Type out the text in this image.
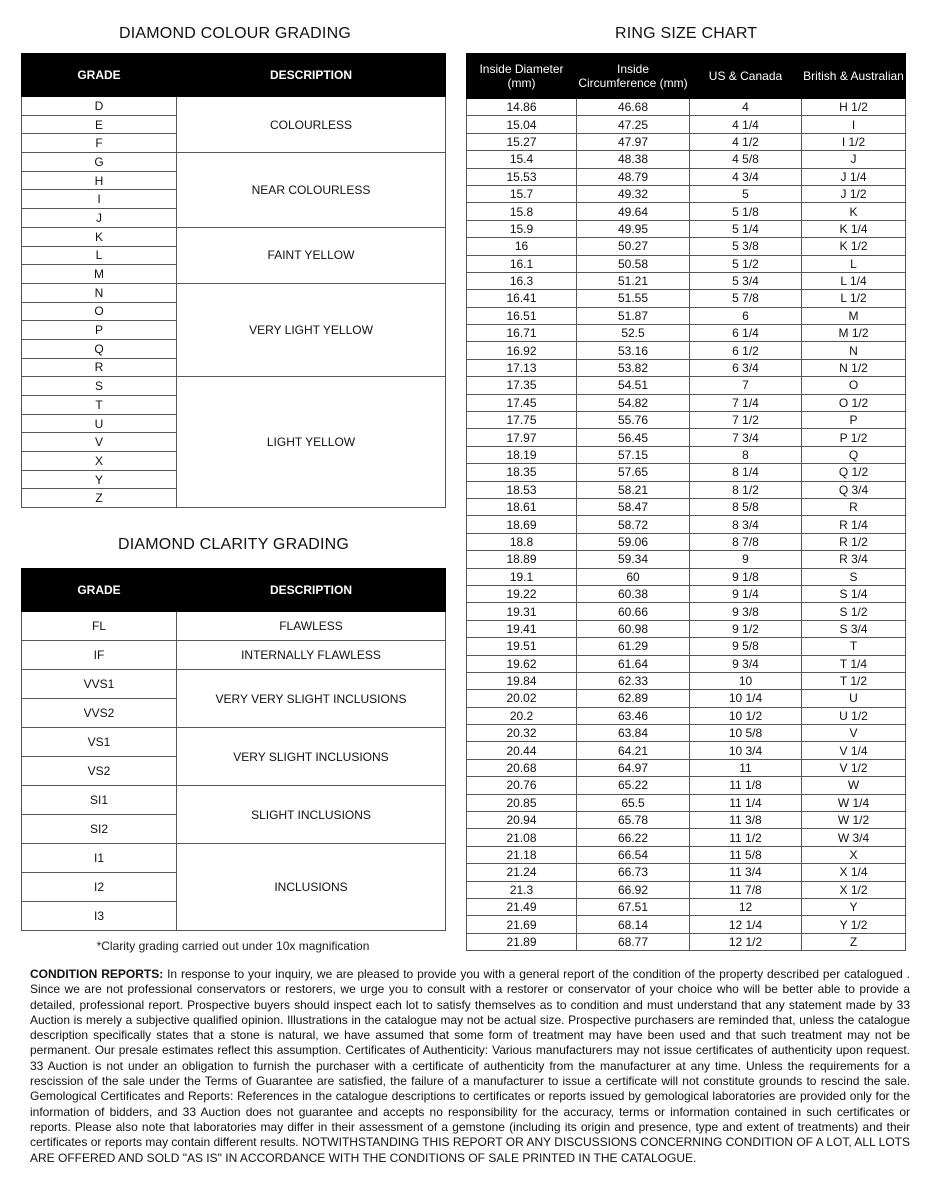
DIAMOND COLOUR GRADING	RING SIZE CHART
DIAMOND CLARITY GRADING
GRADE	DESCRIPTION
D	COLOURLESS
E	
F	
G	NEAR COLOURLESS
H	
I	
J	
K	FAINT YELLOW
L	
M	
N	VERY LIGHT YELLOW
O	
P	
Q	
R	
S	LIGHT YELLOW
T	
U	
V	
X	
Y	
Z	
GRADE	DESCRIPTION
FL	FLAWLESS
IF	INTERNALLY FLAWLESS
VVS1	VERY VERY SLIGHT INCLUSIONS
VVS2	
VS1	VERY SLIGHT INCLUSIONS
VS2	
SI1	SLIGHT INCLUSIONS
SI2	
I1	INCLUSIONS
I2	
I3	
*Clarity grading carried out under 10x magnification
Inside Diameter (mm)	Inside Circumference (mm)	US & Canada	British & Australian
14.86	46.68	4	H 1/2
15.04	47.25	4 1/4	I
15.27	47.97	4 1/2	I 1/2
15.4	48.38	4 5/8	J
15.53	48.79	4 3/4	J 1/4
15.7	49.32	5	J 1/2
15.8	49.64	5 1/8	K
15.9	49.95	5 1/4	K 1/4
16	50.27	5 3/8	K 1/2
16.1	50.58	5 1/2	L
16.3	51.21	5 3/4	L 1/4
16.41	51.55	5 7/8	L 1/2
16.51	51.87	6	M
16.71	52.5	6 1/4	M 1/2
16.92	53.16	6 1/2	N
17.13	53.82	6 3/4	N 1/2
17.35	54.51	7	O
17.45	54.82	7 1/4	O 1/2
17.75	55.76	7 1/2	P
17.97	56.45	7 3/4	P 1/2
18.19	57.15	8	Q
18.35	57.65	8 1/4	Q 1/2
18.53	58.21	8 1/2	Q 3/4
18.61	58.47	8 5/8	R
18.69	58.72	8 3/4	R 1/4
18.8	59.06	8 7/8	R 1/2
18.89	59.34	9	R 3/4
19.1	60	9 1/8	S
19.22	60.38	9 1/4	S 1/4
19.31	60.66	9 3/8	S 1/2
19.41	60.98	9 1/2	S 3/4
19.51	61.29	9 5/8	T
19.62	61.64	9 3/4	T 1/4
19.84	62.33	10	T 1/2
20.02	62.89	10 1/4	U
20.2	63.46	10 1/2	U 1/2
20.32	63.84	10 5/8	V
20.44	64.21	10 3/4	V 1/4
20.68	64.97	11	V 1/2
20.76	65.22	11 1/8	W
20.85	65.5	11 1/4	W 1/4
20.94	65.78	11 3/8	W 1/2
21.08	66.22	11 1/2	W 3/4
21.18	66.54	11 5/8	X
21.24	66.73	11 3/4	X 1/4
21.3	66.92	11 7/8	X 1/2
21.49	67.51	12	Y
21.69	68.14	12 1/4	Y 1/2
21.89	68.77	12 1/2	Z

CONDITION REPORTS: In response to your inquiry, we are pleased to provide you with a general report of the condition of the property described per catalogued . Since we are not professional conservators or restorers, we urge you to consult with a restorer or conservator of your choice who will be better able to provide a detailed, professional report. Prospective buyers should inspect each lot to satisfy themselves as to condition and must understand that any statement made by 33 Auction is merely a subjective qualified opinion. Illustrations in the catalogue may not be actual size. Prospective purchasers are reminded that, unless the catalogue description specifically states that a stone is natural, we have assumed that some form of treatment may have been used and that such treatment may not be permanent. Our presale estimates reflect this assumption. Certificates of Authenticity: Various manufacturers may not issue certificates of authenticity upon request. 33 Auction is not under an obligation to furnish the purchaser with a certificate of authenticity from the manufacturer at any time. Unless the requirements for a rescission of the sale under the Terms of Guarantee are satisfied, the failure of a manufacturer to issue a certificate will not constitute grounds to rescind the sale. Gemological Certificates and Reports: References in the catalogue descriptions to certificates or reports issued by gemological laboratories are provided only for the information of bidders, and 33 Auction does not guarantee and accepts no responsibility for the accuracy, terms or information contained in such certificates or reports. Please also note that laboratories may differ in their assessment of a gemstone (including its origin and presence, type and extent of treatments) and their certificates or reports may contain different results. NOTWITHSTANDING THIS REPORT OR ANY DISCUSSIONS CONCERNING CONDITION OF A LOT, ALL LOTS ARE OFFERED AND SOLD "AS IS" IN ACCORDANCE WITH THE CONDITIONS OF SALE PRINTED IN THE CATALOGUE.
